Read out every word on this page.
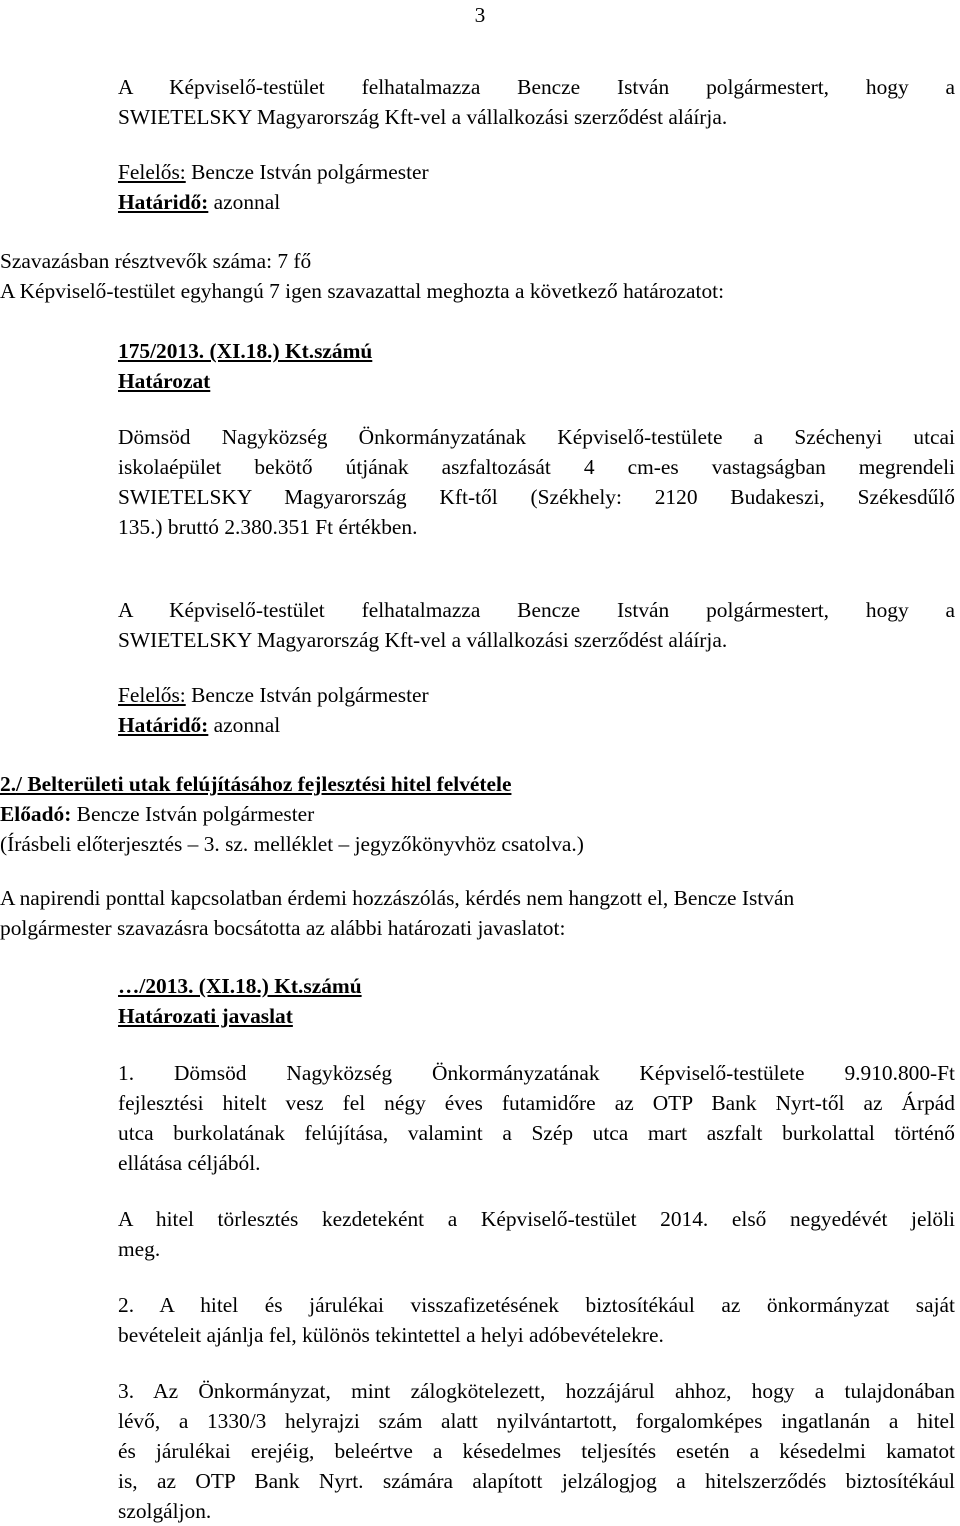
3
A Képviselő-testület felhatalmazza Bencze István polgármestert, hogy a
SWIETELSKY Magyarország Kft-vel a vállalkozási szerződést aláírja.
Felelős: Bencze István polgármester
Határidő: azonnal
Szavazásban résztvevők száma: 7 fő
A Képviselő-testület egyhangú 7 igen szavazattal meghozta a következő határozatot:
175/2013. (XI.18.) Kt.számú
Határozat
Dömsöd Nagyközség Önkormányzatának Képviselő-testülete a Széchenyi utcai
iskolaépület bekötő útjának aszfaltozását 4 cm-es vastagságban megrendeli
SWIETELSKY Magyarország Kft-től (Székhely: 2120 Budakeszi, Székesdűlő
135.) bruttó 2.380.351 Ft értékben.
A Képviselő-testület felhatalmazza Bencze István polgármestert, hogy a
SWIETELSKY Magyarország Kft-vel a vállalkozási szerződést aláírja.
Felelős: Bencze István polgármester
Határidő: azonnal
2./ Belterületi utak felújításához fejlesztési hitel felvétele
Előadó: Bencze István polgármester
(Írásbeli előterjesztés – 3. sz. melléklet – jegyzőkönyvhöz csatolva.)
A napirendi ponttal kapcsolatban érdemi hozzászólás, kérdés nem hangzott el, Bencze István
polgármester szavazásra bocsátotta az alábbi határozati javaslatot:
…/2013. (XI.18.) Kt.számú
Határozati javaslat
1. Dömsöd Nagyközség Önkormányzatának Képviselő-testülete 9.910.800-Ft
fejlesztési hitelt vesz fel négy éves futamidőre az OTP Bank Nyrt-től az Árpád
utca burkolatának felújítása, valamint a Szép utca mart aszfalt burkolattal történő
ellátása céljából.
A hitel törlesztés kezdeteként a Képviselő-testület 2014. első negyedévét jelöli
meg.
2. A hitel és járulékai visszafizetésének biztosítékául az önkormányzat saját
bevételeit ajánlja fel, különös tekintettel a helyi adóbevételekre.
3. Az Önkormányzat, mint zálogkötelezett, hozzájárul ahhoz, hogy a tulajdonában
lévő, a 1330/3 helyrajzi szám alatt nyilvántartott, forgalomképes ingatlanán a hitel
és járulékai erejéig, beleértve a késedelmes teljesítés esetén a késedelmi kamatot
is, az OTP Bank Nyrt. számára alapított jelzálogjog a hitelszerződés biztosítékául
szolgáljon.
